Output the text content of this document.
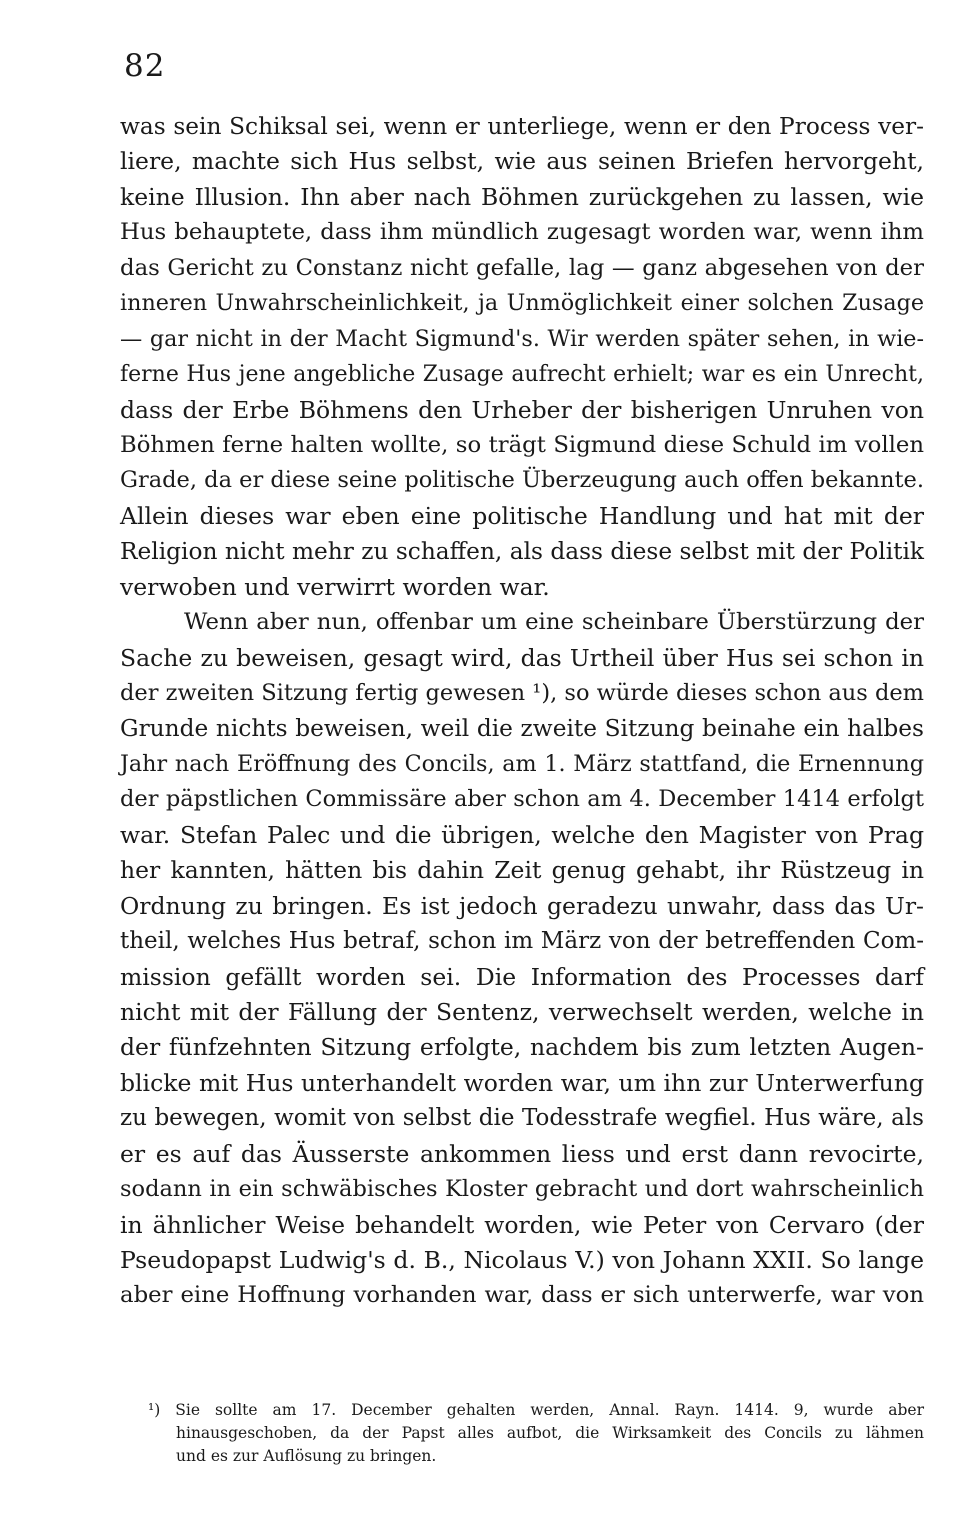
82
was sein Schiksal sei, wenn er unterliege, wenn er den Process ver-
liere, machte sich Hus selbst, wie aus seinen Briefen hervorgeht,
keine Illusion. Ihn aber nach Böhmen zurückgehen zu lassen, wie
Hus behauptete, dass ihm mündlich zugesagt worden war, wenn ihm
das Gericht zu Constanz nicht gefalle, lag — ganz abgesehen von der
inneren Unwahrscheinlichkeit, ja Unmöglichkeit einer solchen Zusage
— gar nicht in der Macht Sigmund's. Wir werden später sehen, in wie-
ferne Hus jene angebliche Zusage aufrecht erhielt; war es ein Unrecht,
dass der Erbe Böhmens den Urheber der bisherigen Unruhen von
Böhmen ferne halten wollte, so trägt Sigmund diese Schuld im vollen
Grade, da er diese seine politische Überzeugung auch offen bekannte.
Allein dieses war eben eine politische Handlung und hat mit der
Religion nicht mehr zu schaffen, als dass diese selbst mit der Politik
verwoben und verwirrt worden war.
Wenn aber nun, offenbar um eine scheinbare Überstürzung der
Sache zu beweisen, gesagt wird, das Urtheil über Hus sei schon in
der zweiten Sitzung fertig gewesen ¹), so würde dieses schon aus dem
Grunde nichts beweisen, weil die zweite Sitzung beinahe ein halbes
Jahr nach Eröffnung des Concils, am 1. März stattfand, die Ernennung
der päpstlichen Commissäre aber schon am 4. December 1414 erfolgt
war. Stefan Palec und die übrigen, welche den Magister von Prag
her kannten, hätten bis dahin Zeit genug gehabt, ihr Rüstzeug in
Ordnung zu bringen. Es ist jedoch geradezu unwahr, dass das Ur-
theil, welches Hus betraf, schon im März von der betreffenden Com-
mission gefällt worden sei. Die Information des Processes darf
nicht mit der Fällung der Sentenz, verwechselt werden, welche in
der fünfzehnten Sitzung erfolgte, nachdem bis zum letzten Augen-
blicke mit Hus unterhandelt worden war, um ihn zur Unterwerfung
zu bewegen, womit von selbst die Todesstrafe wegfiel. Hus wäre, als
er es auf das Äusserste ankommen liess und erst dann revocirte,
sodann in ein schwäbisches Kloster gebracht und dort wahrscheinlich
in ähnlicher Weise behandelt worden, wie Peter von Cervaro (der
Pseudopapst Ludwig's d. B., Nicolaus V.) von Johann XXII. So lange
aber eine Hoffnung vorhanden war, dass er sich unterwerfe, war von
¹) Sie sollte am 17. December gehalten werden, Annal. Rayn. 1414. 9, wurde aber
hinausgeschoben, da der Papst alles aufbot, die Wirksamkeit des Concils zu lähmen
und es zur Auflösung zu bringen.
